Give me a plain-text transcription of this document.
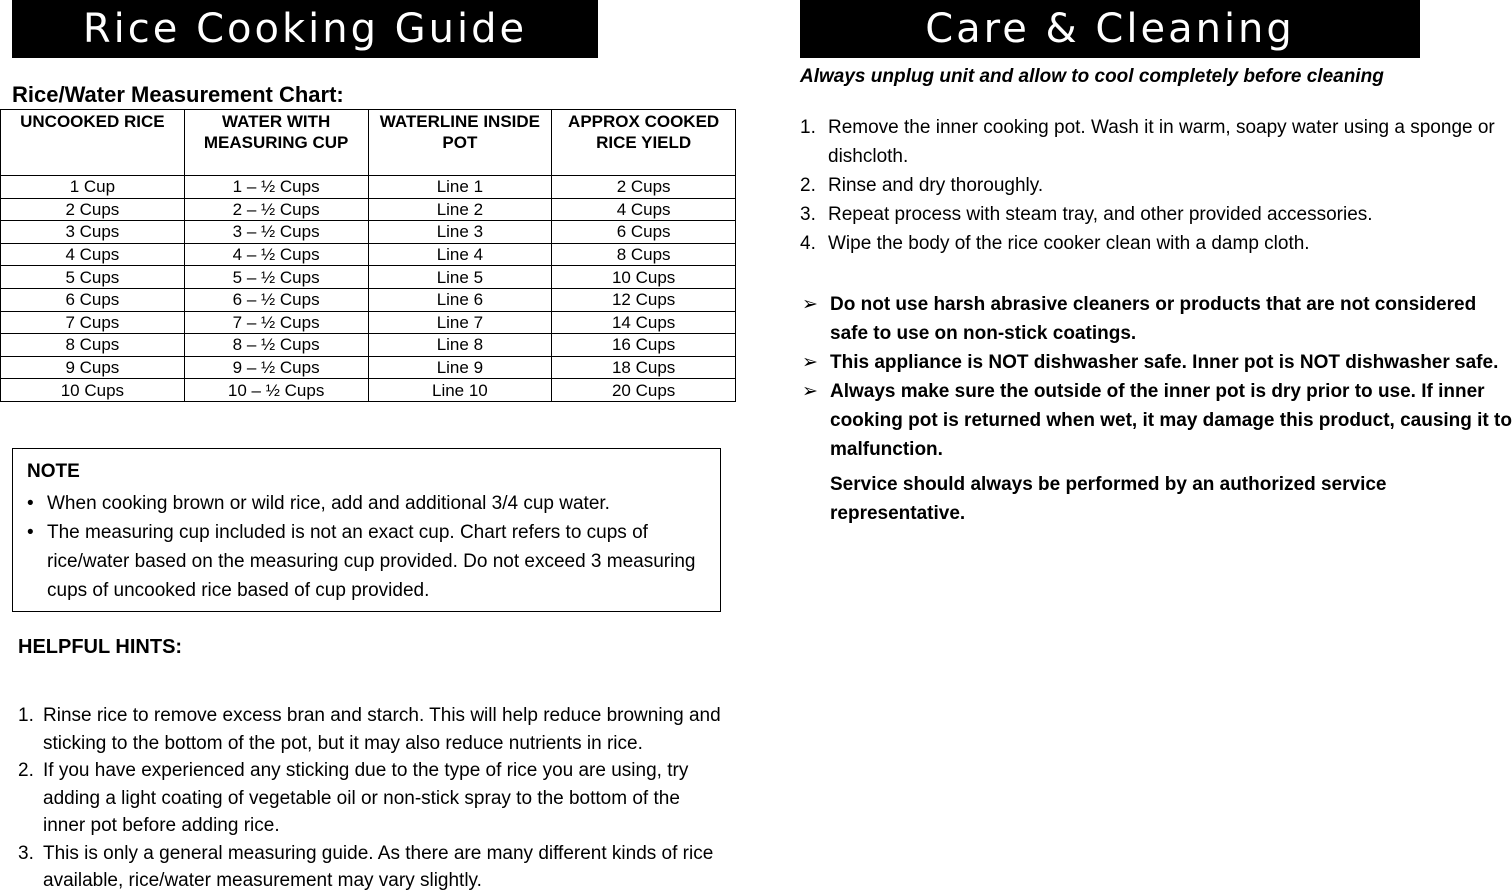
Rice Cooking Guide	Care & Cleaning
Rice/Water Measurement Chart:
UNCOOKED RICE	WATER WITH MEASURING CUP	WATERLINE INSIDE POT	APPROX COOKED RICE YIELD
1 Cup	1 – ½ Cups	Line 1	2 Cups
2 Cups	2 – ½ Cups	Line 2	4 Cups
3 Cups	3 – ½ Cups	Line 3	6 Cups
4 Cups	4 – ½ Cups	Line 4	8 Cups
5 Cups	5 – ½ Cups	Line 5	10 Cups
6 Cups	6 – ½ Cups	Line 6	12 Cups
7 Cups	7 – ½ Cups	Line 7	14 Cups
8 Cups	8 – ½ Cups	Line 8	16 Cups
9 Cups	9 – ½ Cups	Line 9	18 Cups
10 Cups	10 – ½ Cups	Line 10	20 Cups
NOTE
• When cooking brown or wild rice, add and additional 3/4 cup water.
• The measuring cup included is not an exact cup. Chart refers to cups of rice/water based on the measuring cup provided. Do not exceed 3 measuring cups of uncooked rice based of cup provided.
HELPFUL HINTS:
1. Rinse rice to remove excess bran and starch. This will help reduce browning and sticking to the bottom of the pot, but it may also reduce nutrients in rice.
2. If you have experienced any sticking due to the type of rice you are using, try adding a light coating of vegetable oil or non-stick spray to the bottom of the inner pot before adding rice.
3. This is only a general measuring guide. As there are many different kinds of rice available, rice/water measurement may vary slightly.
Always unplug unit and allow to cool completely before cleaning
1. Remove the inner cooking pot. Wash it in warm, soapy water using a sponge or dishcloth.
2. Rinse and dry thoroughly.
3. Repeat process with steam tray, and other provided accessories.
4. Wipe the body of the rice cooker clean with a damp cloth.
➢ Do not use harsh abrasive cleaners or products that are not considered safe to use on non-stick coatings.
➢ This appliance is NOT dishwasher safe. Inner pot is NOT dishwasher safe.
➢ Always make sure the outside of the inner pot is dry prior to use. If inner cooking pot is returned when wet, it may damage this product, causing it to malfunction.
Service should always be performed by an authorized service representative.
